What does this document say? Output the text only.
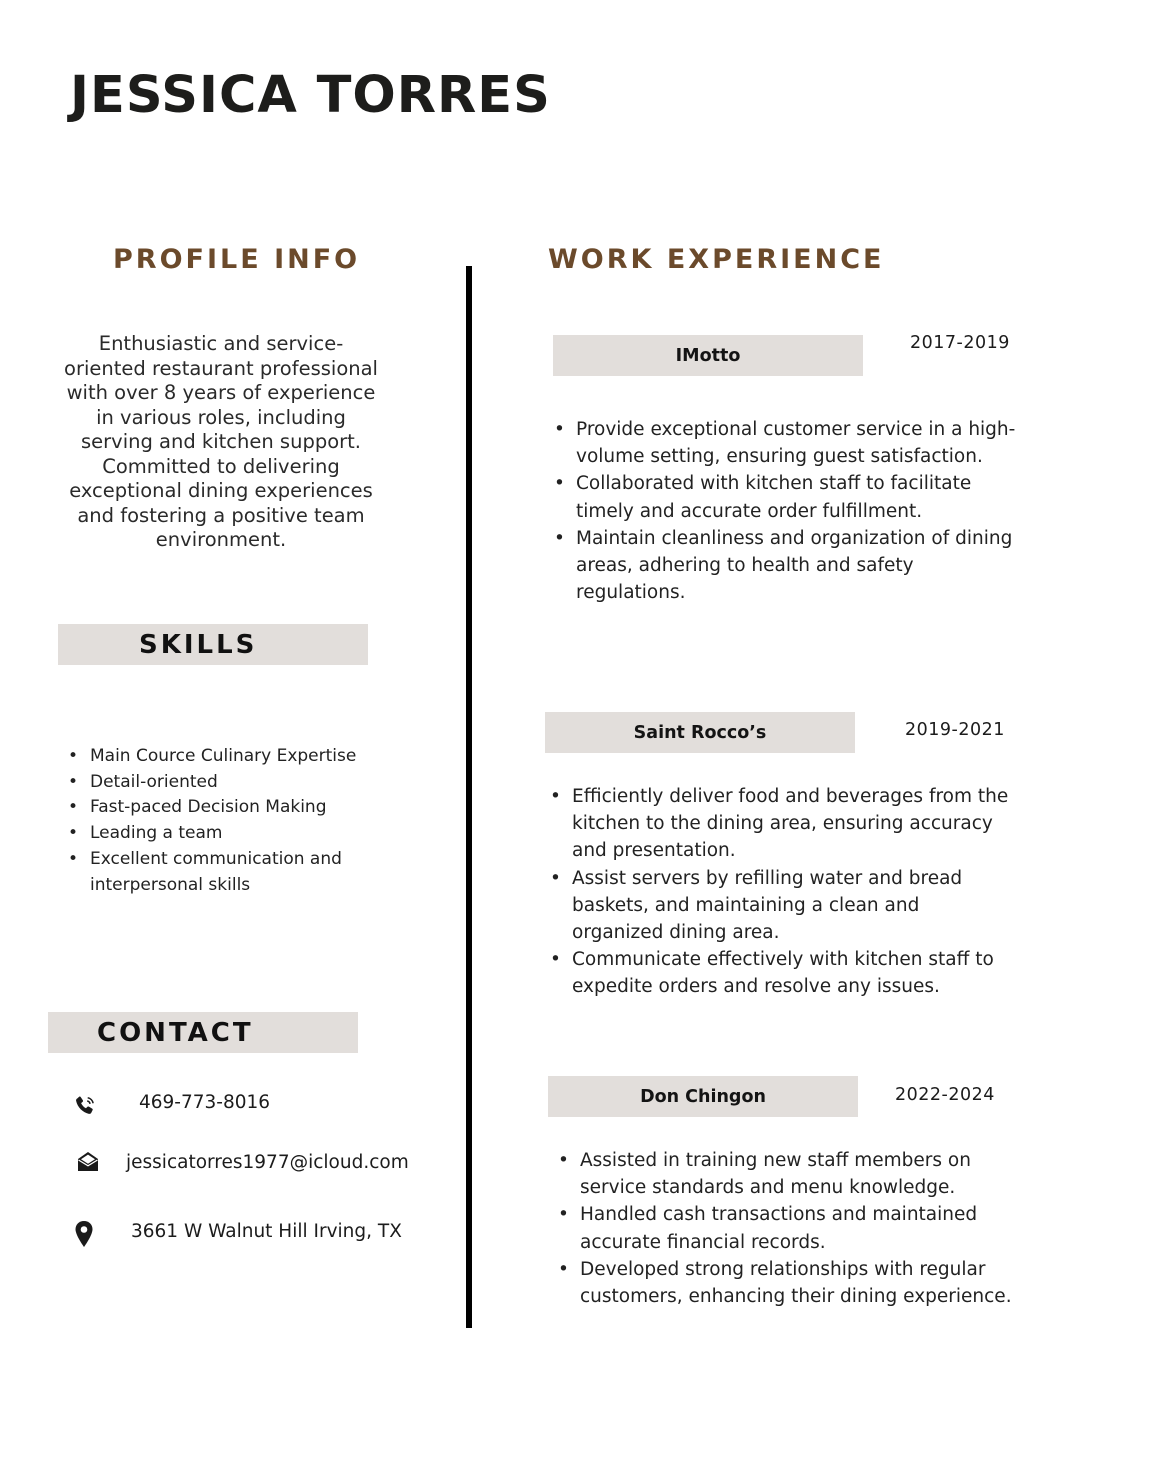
JESSICA TORRES
PROFILE INFO

Enthusiastic and service-oriented restaurant professional with over 8 years of experience in various roles, including serving and kitchen support. Committed to delivering exceptional dining experiences and fostering a positive team environment.

SKILLS
• Main Cource Culinary Expertise
• Detail-oriented
• Fast-paced Decision Making
• Leading a team
• Excellent communication and interpersonal skills
CONTACT
469-773-8016
jessicatorres1977@icloud.com
3661 W Walnut Hill Irving, TX
WORK EXPERIENCE
IMotto
2017-2019
• Provide exceptional customer service in a high-volume setting, ensuring guest satisfaction.
• Collaborated with kitchen staff to facilitate timely and accurate order fulfillment.
• Maintain cleanliness and organization of dining areas, adhering to health and safety regulations.
Saint Rocco’s	2019-2021
• Efficiently deliver food and beverages from the kitchen to the dining area, ensuring accuracy and presentation.
• Assist servers by refilling water and bread baskets, and maintaining a clean and organized dining area.
• Communicate effectively with kitchen staff to expedite orders and resolve any issues.
Don Chingon	2022-2024
• Assisted in training new staff members on service standards and menu knowledge.
• Handled cash transactions and maintained accurate financial records.
• Developed strong relationships with regular customers, enhancing their dining experience.
